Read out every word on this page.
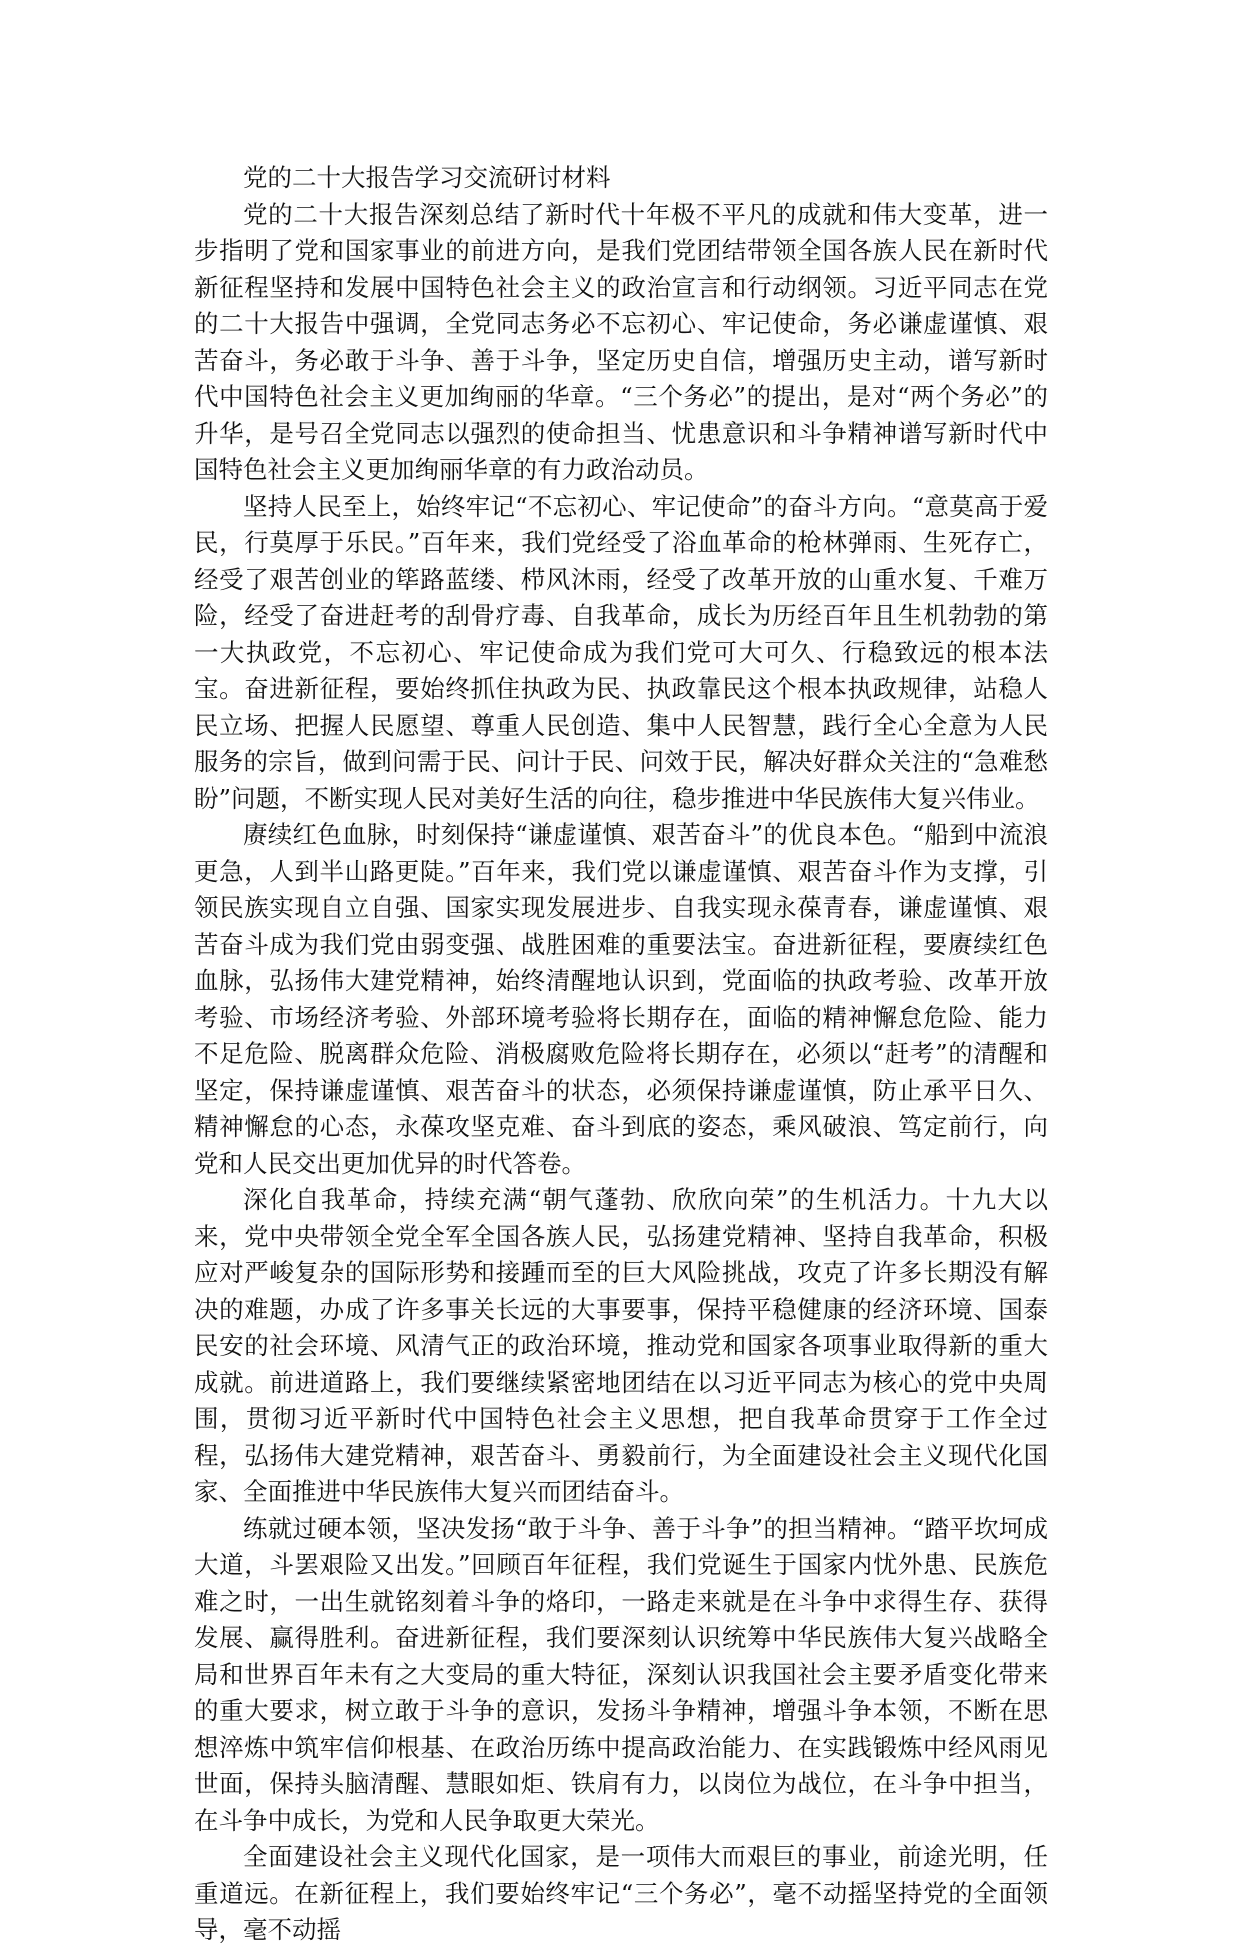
党的二十大报告学习交流研讨材料

党的二十大报告深刻总结了新时代十年极不平凡的成就和伟大变革，进一步指明了党和国家事业的前进方向，是我们党团结带领全国各族人民在新时代新征程坚持和发展中国特色社会主义的政治宣言和行动纲领。习近平同志在党的二十大报告中强调，全党同志务必不忘初心、牢记使命，务必谦虚谨慎、艰苦奋斗，务必敢于斗争、善于斗争，坚定历史自信，增强历史主动，谱写新时代中国特色社会主义更加绚丽的华章。“三个务必”的提出，是对“两个务必”的升华，是号召全党同志以强烈的使命担当、忧患意识和斗争精神谱写新时代中国特色社会主义更加绚丽华章的有力政治动员。

坚持人民至上，始终牢记“不忘初心、牢记使命”的奋斗方向。“意莫高于爱民，行莫厚于乐民。”百年来，我们党经受了浴血革命的枪林弹雨、生死存亡，经受了艰苦创业的筚路蓝缕、栉风沐雨，经受了改革开放的山重水复、千难万险，经受了奋进赶考的刮骨疗毒、自我革命，成长为历经百年且生机勃勃的第一大执政党，不忘初心、牢记使命成为我们党可大可久、行稳致远的根本法宝。奋进新征程，要始终抓住执政为民、执政靠民这个根本执政规律，站稳人民立场、把握人民愿望、尊重人民创造、集中人民智慧，践行全心全意为人民服务的宗旨，做到问需于民、问计于民、问效于民，解决好群众关注的“急难愁盼”问题，不断实现人民对美好生活的向往，稳步推进中华民族伟大复兴伟业。

赓续红色血脉，时刻保持“谦虚谨慎、艰苦奋斗”的优良本色。“船到中流浪更急，人到半山路更陡。”百年来，我们党以谦虚谨慎、艰苦奋斗作为支撑，引领民族实现自立自强、国家实现发展进步、自我实现永葆青春，谦虚谨慎、艰苦奋斗成为我们党由弱变强、战胜困难的重要法宝。奋进新征程，要赓续红色血脉，弘扬伟大建党精神，始终清醒地认识到，党面临的执政考验、改革开放考验、市场经济考验、外部环境考验将长期存在，面临的精神懈怠危险、能力不足危险、脱离群众危险、消极腐败危险将长期存在，必须以“赶考”的清醒和坚定，保持谦虚谨慎、艰苦奋斗的状态，必须保持谦虚谨慎，防止承平日久、精神懈怠的心态，永葆攻坚克难、奋斗到底的姿态，乘风破浪、笃定前行，向党和人民交出更加优异的时代答卷。

深化自我革命，持续充满“朝气蓬勃、欣欣向荣”的生机活力。十九大以来，党中央带领全党全军全国各族人民，弘扬建党精神、坚持自我革命，积极应对严峻复杂的国际形势和接踵而至的巨大风险挑战，攻克了许多长期没有解决的难题，办成了许多事关长远的大事要事，保持平稳健康的经济环境、国泰民安的社会环境、风清气正的政治环境，推动党和国家各项事业取得新的重大成就。前进道路上，我们要继续紧密地团结在以习近平同志为核心的党中央周围，贯彻习近平新时代中国特色社会主义思想，把自我革命贯穿于工作全过程，弘扬伟大建党精神，艰苦奋斗、勇毅前行，为全面建设社会主义现代化国家、全面推进中华民族伟大复兴而团结奋斗。

练就过硬本领，坚决发扬“敢于斗争、善于斗争”的担当精神。“踏平坎坷成大道，斗罢艰险又出发。”回顾百年征程，我们党诞生于国家内忧外患、民族危难之时，一出生就铭刻着斗争的烙印，一路走来就是在斗争中求得生存、获得发展、赢得胜利。奋进新征程，我们要深刻认识统筹中华民族伟大复兴战略全局和世界百年未有之大变局的重大特征，深刻认识我国社会主要矛盾变化带来的重大要求，树立敢于斗争的意识，发扬斗争精神，增强斗争本领，不断在思想淬炼中筑牢信仰根基、在政治历练中提高政治能力、在实践锻炼中经风雨见世面，保持头脑清醒、慧眼如炬、铁肩有力，以岗位为战位，在斗争中担当，在斗争中成长，为党和人民争取更大荣光。

全面建设社会主义现代化国家，是一项伟大而艰巨的事业，前途光明，任重道远。在新征程上，我们要始终牢记“三个务必”，毫不动摇坚持党的全面领导，毫不动摇
